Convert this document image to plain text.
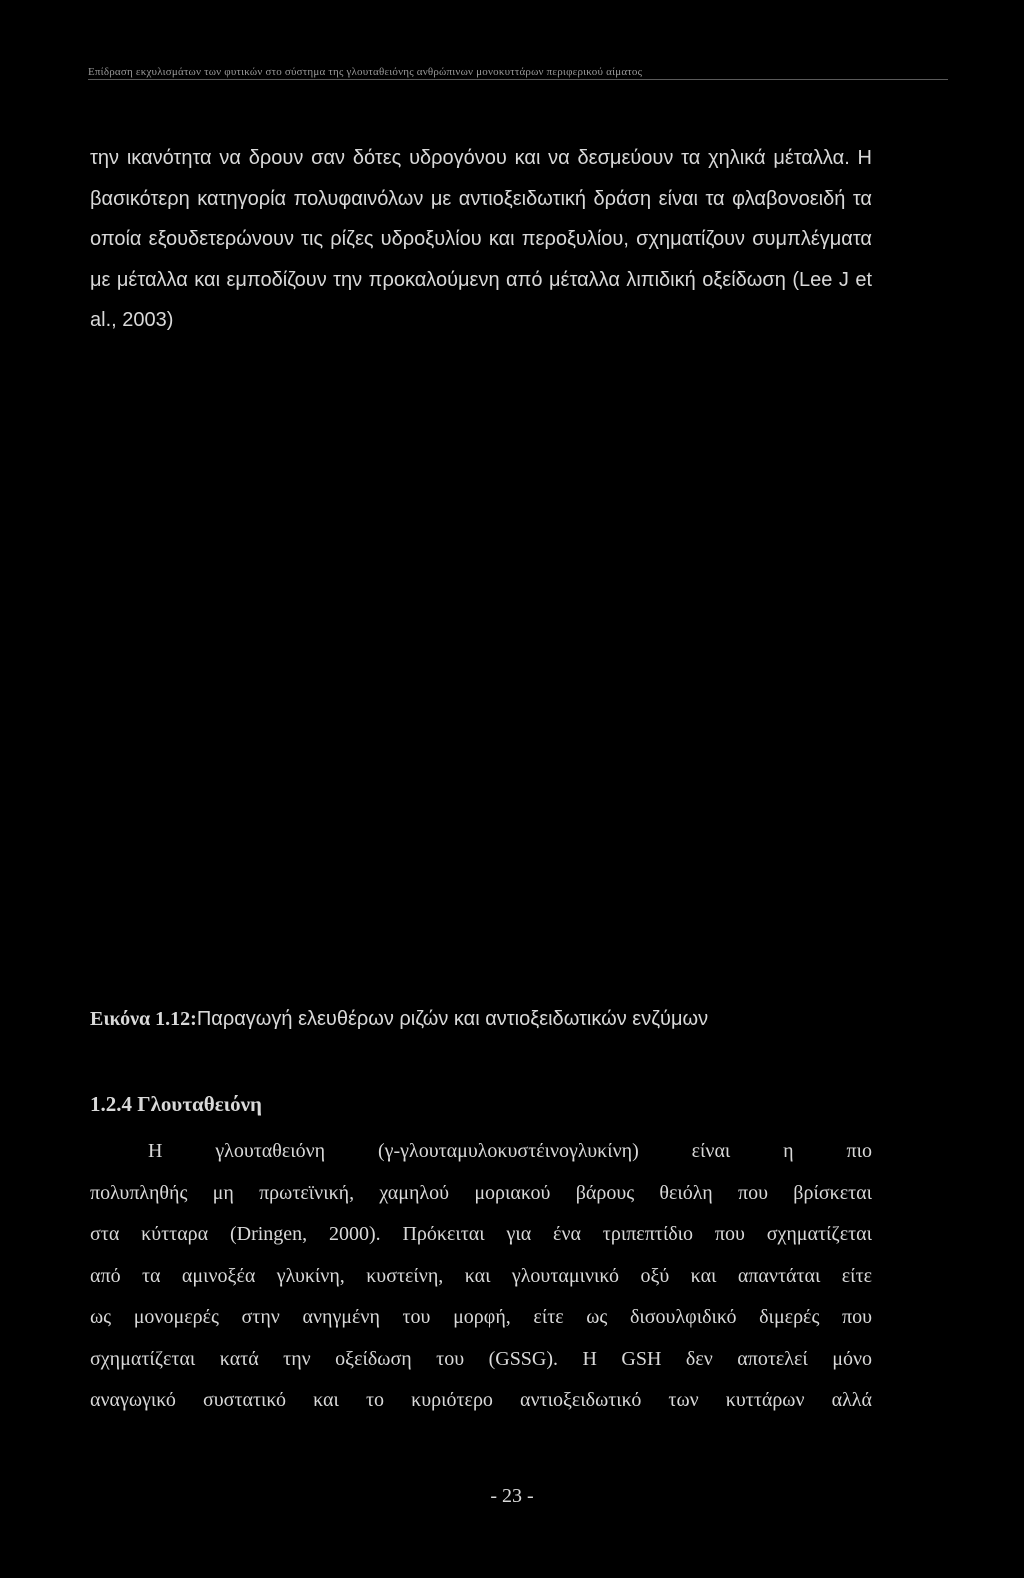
Επίδραση εκχυλισμάτων των φυτικών στο σύστημα της γλουταθειόνης ανθρώπινων μονοκυττάρων περιφερικού αίματος
την ικανότητα να δρουν σαν δότες υδρογόνου και να δεσμεύουν τα χηλικά μέταλλα. Η βασικότερη κατηγορία πολυφαινόλων με αντιοξειδωτική δράση είναι τα φλαβονοειδή τα οποία εξουδετερώνουν τις ρίζες υδροξυλίου και περοξυλίου, σχηματίζουν συμπλέγματα με μέταλλα και εμποδίζουν την προκαλούμενη από μέταλλα λιπιδική οξείδωση (Lee J et al., 2003)
Εικόνα 1.12:Παραγωγή ελευθέρων ριζών και αντιοξειδωτικών ενζύμων
1.2.4 Γλουταθειόνη
Η γλουταθειόνη (γ-γλουταμυλοκυστέινογλυκίνη) είναι η πιο
πολυπληθής μη πρωτεϊνική, χαμηλού μοριακού βάρους θειόλη που βρίσκεται
στα κύτταρα (Dringen, 2000). Πρόκειται για ένα τριπεπτίδιο που σχηματίζεται
από τα αμινοξέα γλυκίνη, κυστείνη, και γλουταμινικό οξύ και απαντάται είτε
ως μονομερές στην ανηγμένη του μορφή, είτε ως δισουλφιδικό διμερές που
σχηματίζεται κατά την οξείδωση του (GSSG). Η GSH δεν αποτελεί μόνο
αναγωγικό συστατικό και το κυριότερο αντιοξειδωτικό των κυττάρων αλλά
- 23 -
